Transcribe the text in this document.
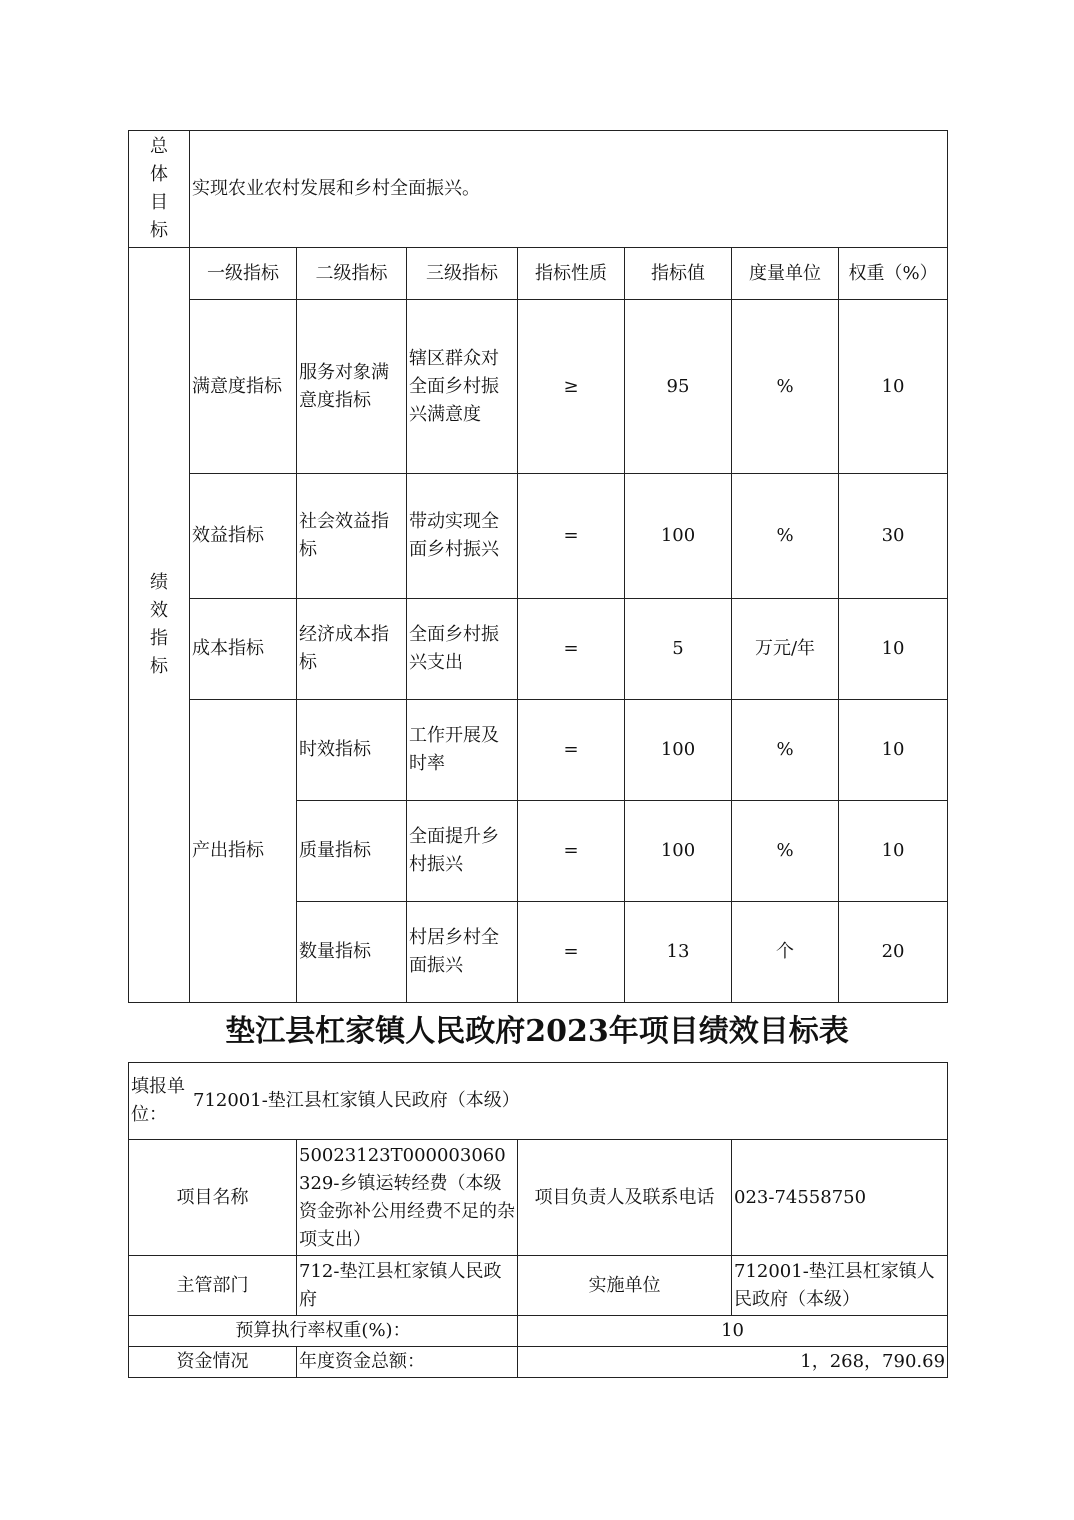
总
体
目
标	实现农业农村发展和乡村全面振兴。						
绩
效
指
标	一级指标	二级指标	三级指标	指标性质	指标值	度量单位	权重（%）
	满意度指标	服务对象满意度指标	辖区群众对全面乡村振兴满意度	≥	95	%	10
	效益指标	社会效益指标	带动实现全面乡村振兴	=	100	%	30
	成本指标	经济成本指标	全面乡村振兴支出	=	5	万元/年	10
	产出指标	时效指标	工作开展及时率	=	100	%	10
		质量指标	全面提升乡村振兴	=	100	%	10
		数量指标	村居乡村全面振兴	=	13	个	20
垫江县杠家镇人民政府2023年项目绩效目标表
填报单位：
712001-垫江县杠家镇人民政府（本级）			

项目名称	50023123T000003060329-乡镇运转经费（本级资金弥补公用经费不足的杂项支出）	项目负责人及联系电话	023-74558750
主管部门	712-垫江县杠家镇人民政府	实施单位	712001-垫江县杠家镇人民政府（本级）
预算执行率权重(%)：		10	
资金情况	年度资金总额：	1，268，790.69	
